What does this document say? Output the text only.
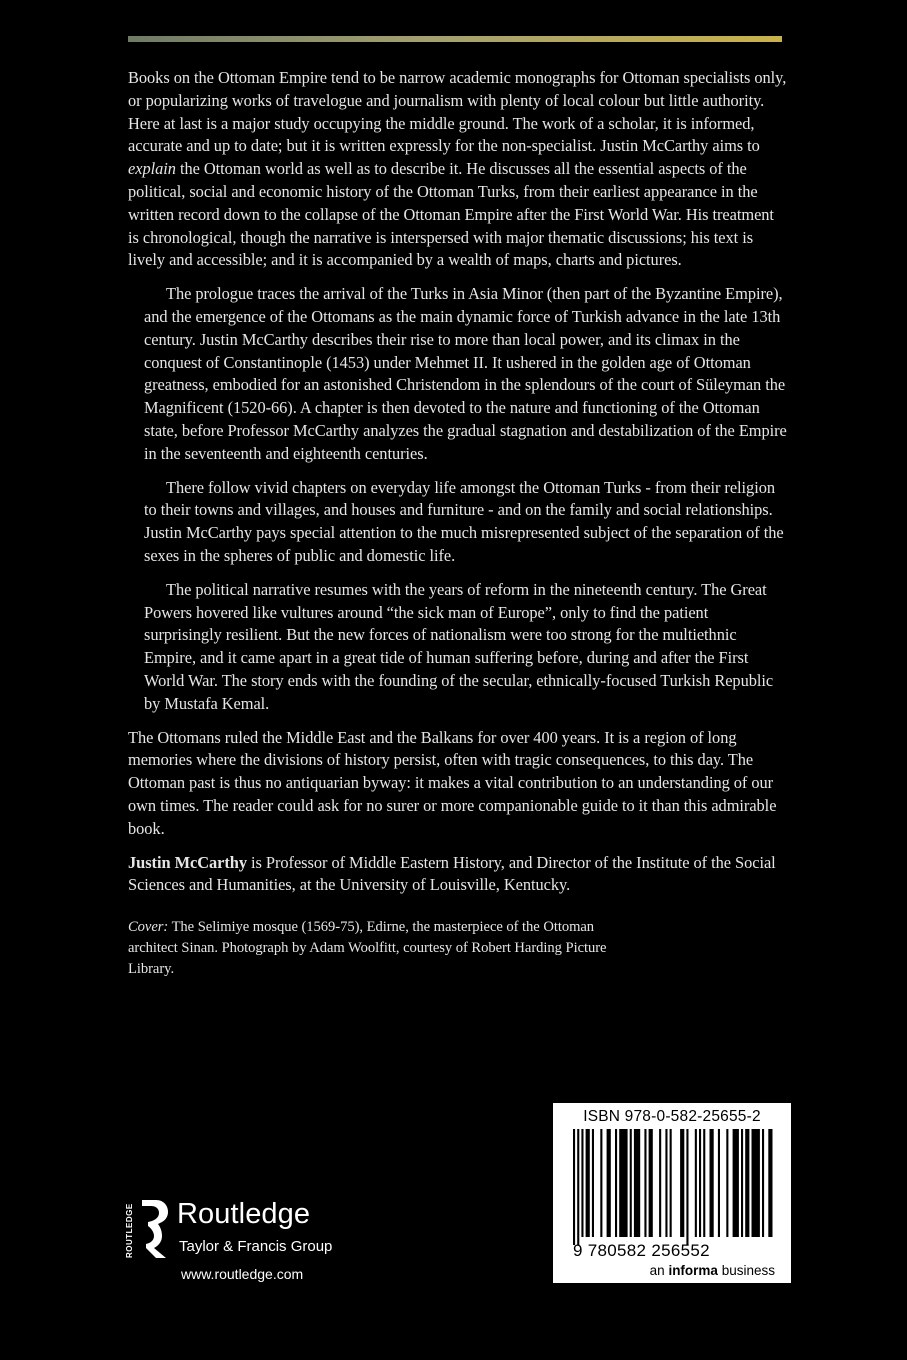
Books on the Ottoman Empire tend to be narrow academic monographs for Ottoman specialists only, or popularizing works of travelogue and journalism with plenty of local colour but little authority. Here at last is a major study occupying the middle ground. The work of a scholar, it is informed, accurate and up to date; but it is written expressly for the non-specialist. Justin McCarthy aims to explain the Ottoman world as well as to describe it. He discusses all the essential aspects of the political, social and economic history of the Ottoman Turks, from their earliest appearance in the written record down to the collapse of the Ottoman Empire after the First World War. His treatment is chronological, though the narrative is interspersed with major thematic discussions; his text is lively and accessible; and it is accompanied by a wealth of maps, charts and pictures.

The prologue traces the arrival of the Turks in Asia Minor (then part of the Byzantine Empire), and the emergence of the Ottomans as the main dynamic force of Turkish advance in the late 13th century. Justin McCarthy describes their rise to more than local power, and its climax in the conquest of Constantinople (1453) under Mehmet II. It ushered in the golden age of Ottoman greatness, embodied for an astonished Christendom in the splendours of the court of Süleyman the Magnificent (1520-66). A chapter is then devoted to the nature and functioning of the Ottoman state, before Professor McCarthy analyzes the gradual stagnation and destabilization of the Empire in the seventeenth and eighteenth centuries.

There follow vivid chapters on everyday life amongst the Ottoman Turks - from their religion to their towns and villages, and houses and furniture - and on the family and social relationships. Justin McCarthy pays special attention to the much misrepresented subject of the separation of the sexes in the spheres of public and domestic life.

The political narrative resumes with the years of reform in the nineteenth century. The Great Powers hovered like vultures around “the sick man of Europe”, only to find the patient surprisingly resilient. But the new forces of nationalism were too strong for the multiethnic Empire, and it came apart in a great tide of human suffering before, during and after the First World War. The story ends with the founding of the secular, ethnically-focused Turkish Republic by Mustafa Kemal.

The Ottomans ruled the Middle East and the Balkans for over 400 years. It is a region of long memories where the divisions of history persist, often with tragic consequences, to this day. The Ottoman past is thus no antiquarian byway: it makes a vital contribution to an understanding of our own times. The reader could ask for no surer or more companionable guide to it than this admirable book.

Justin McCarthy is Professor of Middle Eastern History, and Director of the Institute of the Social Sciences and Humanities, at the University of Louisville, Kentucky.

Cover: The Selimiye mosque (1569-75), Edirne, the masterpiece of the Ottoman architect Sinan. Photograph by Adam Woolfitt, courtesy of Robert Harding Picture Library.

ISBN 978-0-582-25655-2
9 780582 256552
an informa business
ROUTLEDGE Routledge
Taylor & Francis Group
www.routledge.com
